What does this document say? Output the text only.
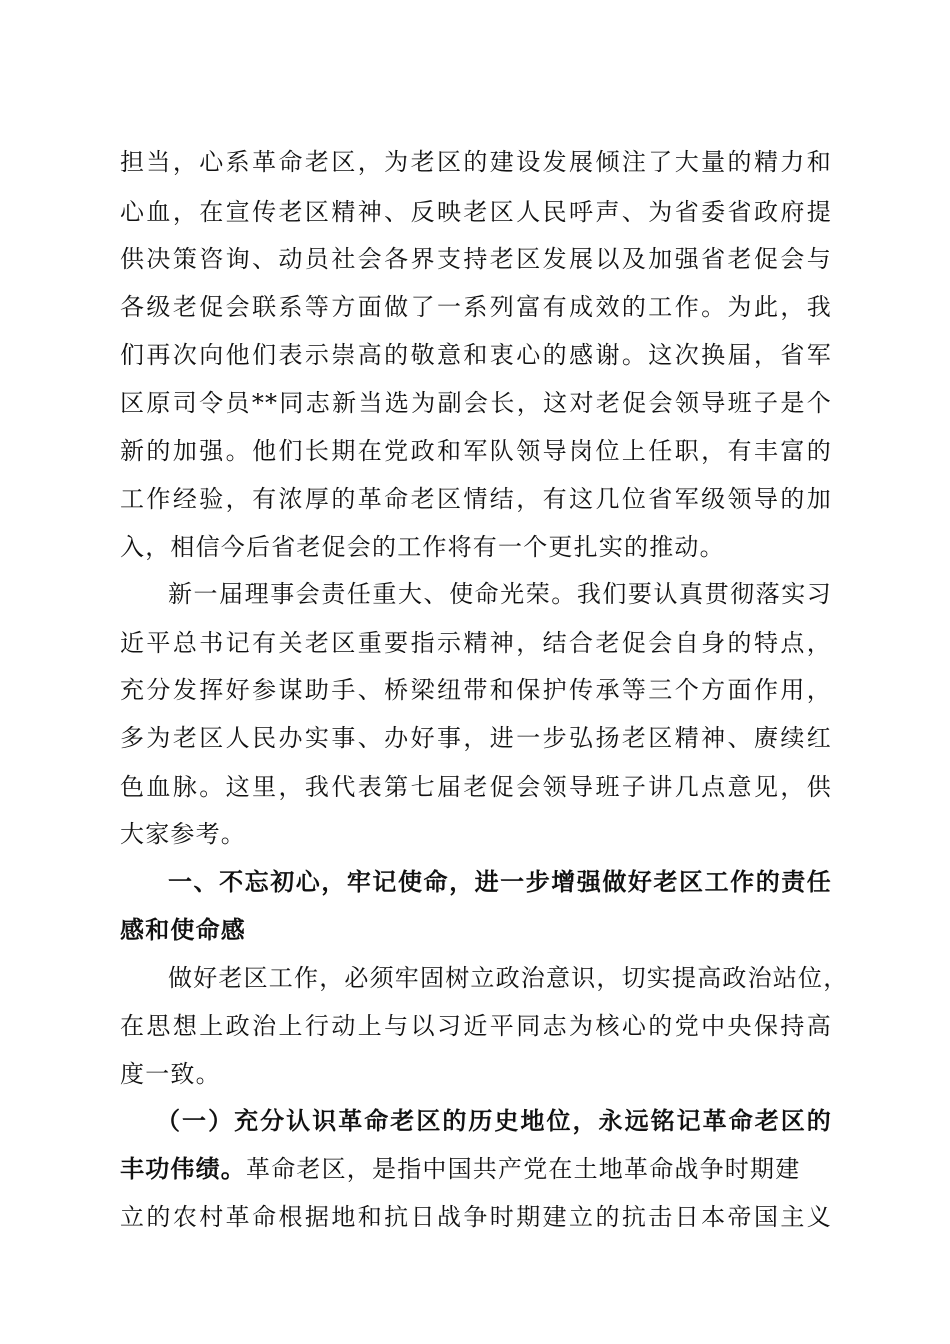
担当，心系革命老区，为老区的建设发展倾注了大量的精力和
心血，在宣传老区精神、反映老区人民呼声、为省委省政府提
供决策咨询、动员社会各界支持老区发展以及加强省老促会与
各级老促会联系等方面做了一系列富有成效的工作。为此，我
们再次向他们表示崇高的敬意和衷心的感谢。这次换届，省军
区原司令员**同志新当选为副会长，这对老促会领导班子是个
新的加强。他们长期在党政和军队领导岗位上任职，有丰富的
工作经验，有浓厚的革命老区情结，有这几位省军级领导的加
入，相信今后省老促会的工作将有一个更扎实的推动。
新一届理事会责任重大、使命光荣。我们要认真贯彻落实习
近平总书记有关老区重要指示精神，结合老促会自身的特点，
充分发挥好参谋助手、桥梁纽带和保护传承等三个方面作用，
多为老区人民办实事、办好事，进一步弘扬老区精神、赓续红
色血脉。这里，我代表第七届老促会领导班子讲几点意见，供
大家参考。
一、不忘初心，牢记使命，进一步增强做好老区工作的责任
感和使命感
做好老区工作，必须牢固树立政治意识，切实提高政治站位，
在思想上政治上行动上与以习近平同志为核心的党中央保持高
度一致。
（一）充分认识革命老区的历史地位，永远铭记革命老区的
丰功伟绩。 革命老区，是指中国共产党在土地革命战争时期建
立的农村革命根据地和抗日战争时期建立的抗击日本帝国主义
